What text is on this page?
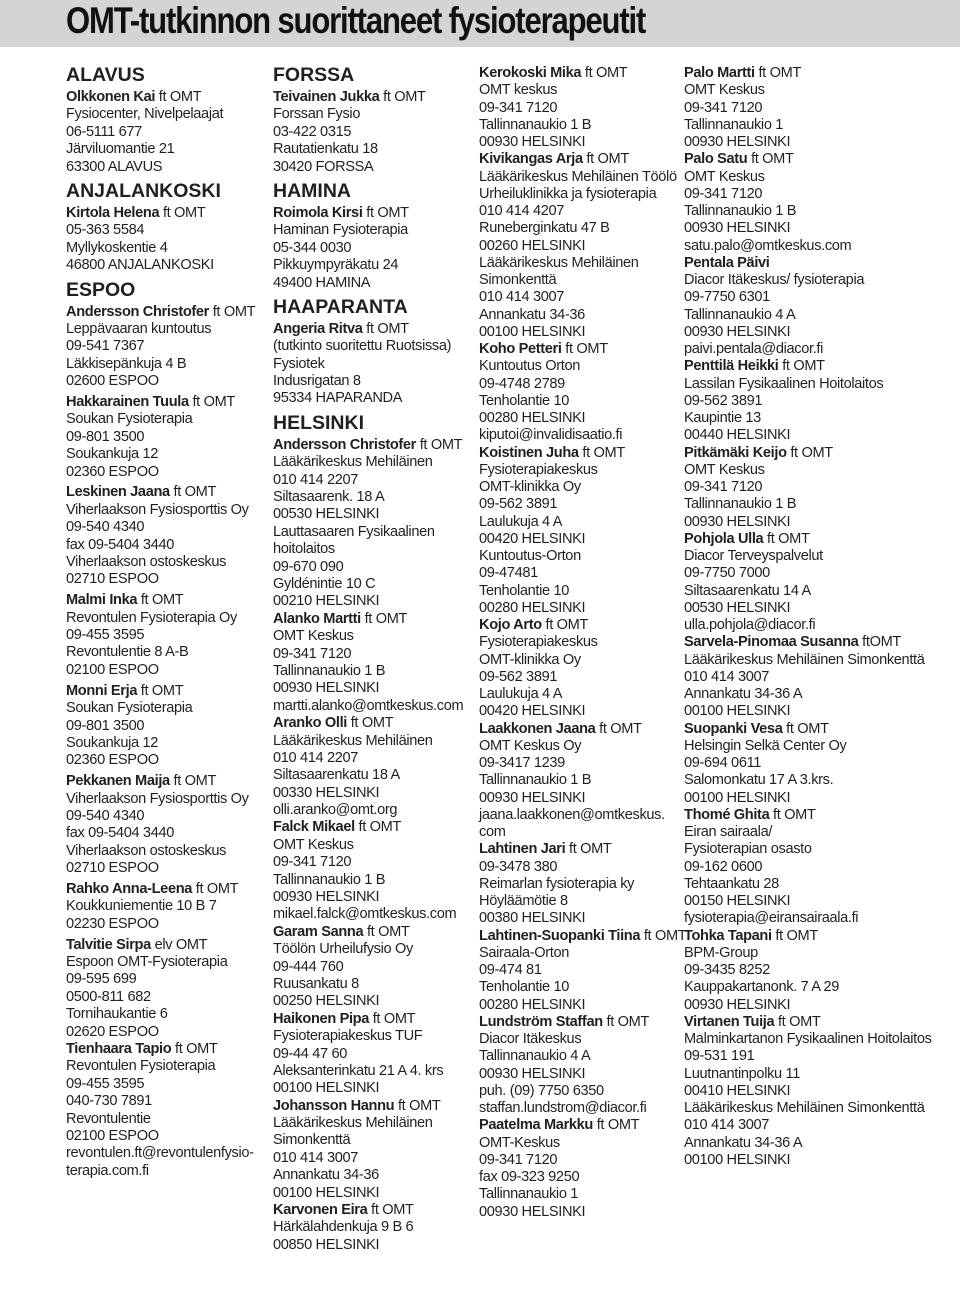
OMT-tutkinnon suorittaneet fysioterapeutit
ALAVUS
Olkkonen Kai ft OMT
Fysiocenter, Nivelpelaajat
06-5111 677
Järviluomantie 21
63300 ALAVUS
ANJALANKOSKI
Kirtola Helena ft OMT
05-363 5584
Myllykoskentie 4
46800 ANJALANKOSKI
ESPOO
Andersson Christofer ft OMT
Leppävaaran kuntoutus
09-541 7367
Läkkisepänkuja 4 B
02600 ESPOO
Hakkarainen Tuula ft OMT
Soukan Fysioterapia
09-801 3500
Soukankuja 12
02360 ESPOO
Leskinen Jaana ft OMT
Viherlaakson Fysiosporttis Oy
09-540 4340
fax 09-5404 3440
Viherlaakson ostoskeskus
02710 ESPOO
Malmi Inka ft OMT
Revontulen Fysioterapia Oy
09-455 3595
Revontulentie 8 A-B
02100 ESPOO
Monni Erja ft OMT
Soukan Fysioterapia
09-801 3500
Soukankuja 12
02360 ESPOO
Pekkanen Maija ft OMT
Viherlaakson Fysiosporttis Oy
09-540 4340
fax 09-5404 3440
Viherlaakson ostoskeskus
02710 ESPOO
Rahko Anna-Leena ft OMT
Koukkuniementie 10 B 7
02230 ESPOO
Talvitie Sirpa elv OMT
Espoon OMT-Fysioterapia
09-595 699
0500-811 682
Tornihaukantie 6
02620 ESPOO
Tienhaara Tapio ft OMT
Revontulen Fysioterapia
09-455 3595
040-730 7891
Revontulentie
02100 ESPOO
revontulen.ft@revontulenfysio-
terapia.com.fi
FORSSA
Teivainen Jukka ft OMT
Forssan Fysio
03-422 0315
Rautatienkatu 18
30420 FORSSA
HAMINA
Roimola Kirsi ft OMT
Haminan Fysioterapia
05-344 0030
Pikkuympyräkatu 24
49400 HAMINA
HAAPARANTA
Angeria Ritva ft OMT
(tutkinto suoritettu Ruotsissa)
Fysiotek
Indusrigatan 8
95334 HAPARANDA
HELSINKI
Andersson Christofer ft OMT
Lääkärikeskus Mehiläinen
010 414 2207
Siltasaarenk. 18 A
00530 HELSINKI
Lauttasaaren Fysikaalinen
hoitolaitos
09-670 090
Gyldénintie 10 C
00210 HELSINKI
Alanko Martti ft OMT
OMT Keskus
09-341 7120
Tallinnanaukio 1 B
00930 HELSINKI
martti.alanko@omtkeskus.com
Aranko Olli ft OMT
Lääkärikeskus Mehiläinen
010 414 2207
Siltasaarenkatu 18 A
00330 HELSINKI
olli.aranko@omt.org
Falck Mikael ft OMT
OMT Keskus
09-341 7120
Tallinnanaukio 1 B
00930 HELSINKI
mikael.falck@omtkeskus.com
Garam Sanna ft OMT
Töölön Urheilufysio Oy
09-444 760
Ruusankatu 8
00250 HELSINKI
Haikonen Pipa ft OMT
Fysioterapiakeskus TUF
09-44 47 60
Aleksanterinkatu 21 A 4. krs
00100 HELSINKI
Johansson Hannu ft OMT
Lääkärikeskus Mehiläinen
Simonkenttä
010 414 3007
Annankatu 34-36
00100 HELSINKI
Karvonen Eira ft OMT
Härkälahdenkuja 9 B 6
00850 HELSINKI
Kerokoski Mika ft OMT
OMT keskus
09-341 7120
Tallinnanaukio 1 B
00930 HELSINKI
Kivikangas Arja ft OMT
Lääkärikeskus Mehiläinen Töölö
Urheiluklinikka ja fysioterapia
010 414 4207
Runeberginkatu 47 B
00260 HELSINKI
Lääkärikeskus Mehiläinen
Simonkenttä
010 414 3007
Annankatu 34-36
00100 HELSINKI
Koho Petteri ft OMT
Kuntoutus Orton
09-4748 2789
Tenholantie 10
00280 HELSINKI
kiputoi@invalidisaatio.fi
Koistinen Juha ft OMT
Fysioterapiakeskus
OMT-klinikka Oy
09-562 3891
Laulukuja 4 A
00420 HELSINKI
Kuntoutus-Orton
09-47481
Tenholantie 10
00280 HELSINKI
Kojo Arto ft OMT
Fysioterapiakeskus
OMT-klinikka Oy
09-562 3891
Laulukuja 4 A
00420 HELSINKI
Laakkonen Jaana ft OMT
OMT Keskus Oy
09-3417 1239
Tallinnanaukio 1 B
00930 HELSINKI
jaana.laakkonen@omtkeskus.
com
Lahtinen Jari ft OMT
09-3478 380
Reimarlan fysioterapia ky
Höyläämötie 8
00380 HELSINKI
Lahtinen-Suopanki Tiina ft OMT
Sairaala-Orton
09-474 81
Tenholantie 10
00280 HELSINKI
Lundström Staffan ft OMT
Diacor Itäkeskus
Tallinnanaukio 4 A
00930 HELSINKI
puh. (09) 7750 6350
staffan.lundstrom@diacor.fi
Paatelma Markku ft OMT
OMT-Keskus
09-341 7120
fax 09-323 9250
Tallinnanaukio 1
00930 HELSINKI
Palo Martti ft OMT
OMT Keskus
09-341 7120
Tallinnanaukio 1
00930 HELSINKI
Palo Satu ft OMT
OMT Keskus
09-341 7120
Tallinnanaukio 1 B
00930 HELSINKI
satu.palo@omtkeskus.com
Pentala Päivi
Diacor Itäkeskus/ fysioterapia
09-7750 6301
Tallinnanaukio 4 A
00930 HELSINKI
paivi.pentala@diacor.fi
Penttilä Heikki ft OMT
Lassilan Fysikaalinen Hoitolaitos
09-562 3891
Kaupintie 13
00440 HELSINKI
Pitkämäki Keijo ft OMT
OMT Keskus
09-341 7120
Tallinnanaukio 1 B
00930 HELSINKI
Pohjola Ulla ft OMT
Diacor Terveyspalvelut
09-7750 7000
Siltasaarenkatu 14 A
00530 HELSINKI
ulla.pohjola@diacor.fi
Sarvela-Pinomaa Susanna ftOMT
Lääkärikeskus Mehiläinen Simonkenttä
010 414 3007
Annankatu 34-36 A
00100 HELSINKI
Suopanki Vesa ft OMT
Helsingin Selkä Center Oy
09-694 0611
Salomonkatu 17 A 3.krs.
00100 HELSINKI
Thomé Ghita ft OMT
Eiran sairaala/
Fysioterapian osasto
09-162 0600
Tehtaankatu 28
00150 HELSINKI
fysioterapia@eiransairaala.fi
Tohka Tapani ft OMT
BPM-Group
09-3435 8252
Kauppakartanonk. 7 A 29
00930 HELSINKI
Virtanen Tuija ft OMT
Malminkartanon Fysikaalinen Hoitolaitos
09-531 191
Luutnantinpolku 11
00410 HELSINKI
Lääkärikeskus Mehiläinen Simonkenttä
010 414 3007
Annankatu 34-36 A
00100 HELSINKI
